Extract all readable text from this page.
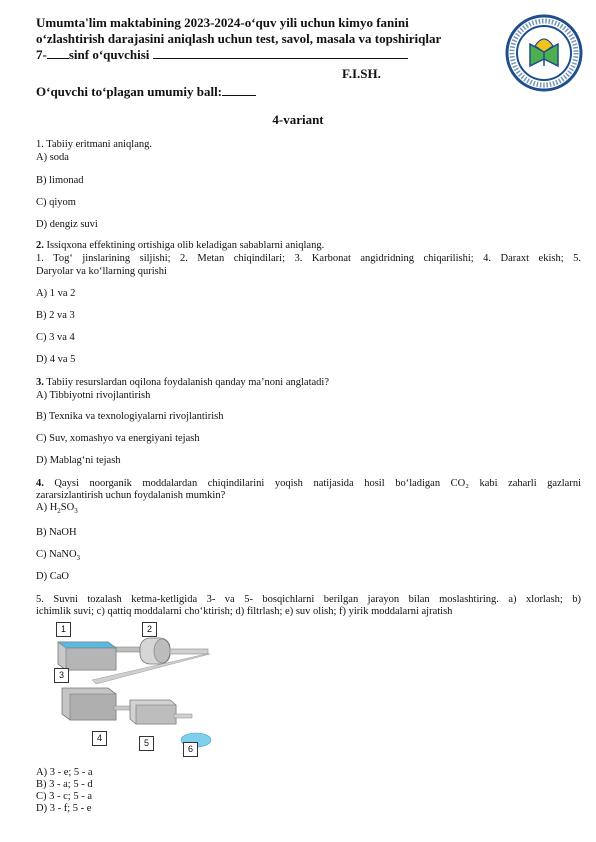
Umumta'lim maktabining 2023-2024-o‘quv yili uchun kimyo fanini
o‘zlashtirish darajasini aniqlash uchun test, savol, masala va topshiriqlar
7- sinf o‘quvchisi
F.I.SH.
O‘quvchi to‘plagan umumiy ball:
4-variant
1. Tabiiy eritmani aniqlang.
A) soda
B) limonad
C) qiyom
D) dengiz suvi
2. Issiqxona effektining ortishiga olib keladigan sabablarni aniqlang.
1. Tog‘ jinslarining siljishi; 2. Metan chiqindilari; 3. Karbonat angidridning chiqarilishi; 4. Daraxt ekish; 5.
Daryolar va ko‘llarning qurishi
A) 1 va 2
B) 2 va 3
C) 3 va 4
D) 4 va 5
3. Tabiiy resurslardan oqilona foydalanish qanday ma’noni anglatadi?
A) Tibbiyotni rivojlantirish
B) Texnika va texnologiyalarni rivojlantirish
C) Suv, xomashyo va energiyani tejash
D) Mablag‘ni tejash
4. Qaysi noorganik moddalardan chiqindilarini yoqish natijasida hosil bo‘ladigan CO₂ kabi zaharli gazlarni
zararsizlantirish uchun foydalanish mumkin?
A) $H_2SO_3$
B) NaOH
C) NaNO$_3$
D) CaO
5. Suvni tozalash ketma-ketligida 3- va 5- bosqichlarni berilgan jarayon bilan moslashtiring. a) xlorlash; b)
ichimlik suvi; c) qattiq moddalarni cho‘ktirish; d) filtrlash; e) suv olish; f) yirik moddalarni ajratish
1	2
3
4	5
6
A) 3 - e; 5 - a
B) 3 - a; 5 - d
C) 3 - c; 5 - a
D) 3 - f; 5 - e
